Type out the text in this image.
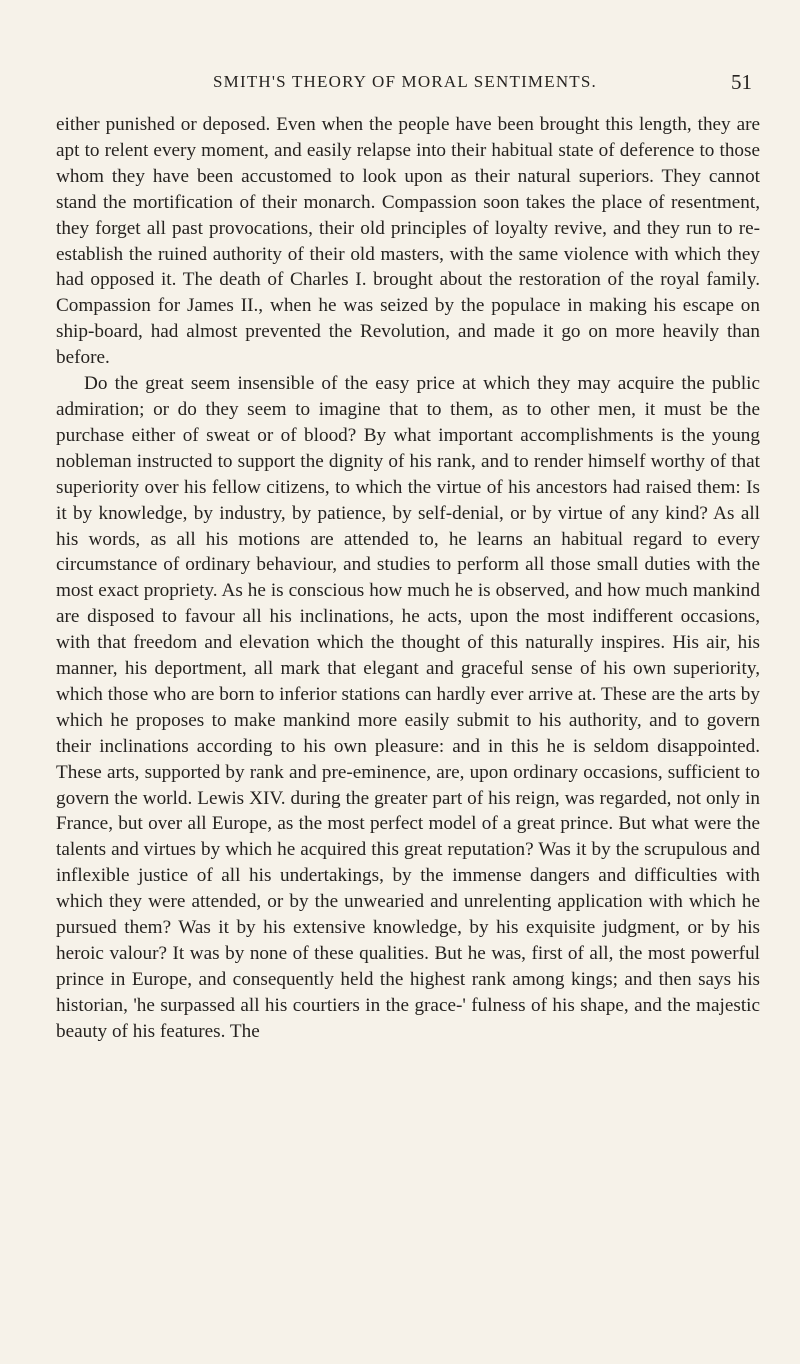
SMITH'S THEORY OF MORAL SENTIMENTS.	51

either punished or deposed. Even when the people have been brought this length, they are apt to relent every moment, and easily relapse into their habitual state of deference to those whom they have been accustomed to look upon as their natural superiors. They cannot stand the mortification of their monarch. Compassion soon takes the place of resentment, they forget all past provocations, their old principles of loyalty revive, and they run to re-establish the ruined authority of their old masters, with the same violence with which they had opposed it. The death of Charles I. brought about the restoration of the royal family. Compassion for James II., when he was seized by the populace in making his escape on ship-board, had almost prevented the Revolution, and made it go on more heavily than before.

Do the great seem insensible of the easy price at which they may acquire the public admiration; or do they seem to imagine that to them, as to other men, it must be the purchase either of sweat or of blood? By what important accomplishments is the young nobleman instructed to support the dignity of his rank, and to render himself worthy of that superiority over his fellow citizens, to which the virtue of his ancestors had raised them: Is it by knowledge, by industry, by patience, by self-denial, or by virtue of any kind? As all his words, as all his motions are attended to, he learns an habitual regard to every circumstance of ordinary behaviour, and studies to perform all those small duties with the most exact propriety. As he is conscious how much he is observed, and how much mankind are disposed to favour all his inclinations, he acts, upon the most indifferent occasions, with that freedom and elevation which the thought of this naturally inspires. His air, his manner, his deportment, all mark that elegant and graceful sense of his own superiority, which those who are born to inferior stations can hardly ever arrive at. These are the arts by which he proposes to make mankind more easily submit to his authority, and to govern their inclinations according to his own pleasure: and in this he is seldom disappointed. These arts, supported by rank and pre-eminence, are, upon ordinary occasions, sufficient to govern the world. Lewis XIV. during the greater part of his reign, was regarded, not only in France, but over all Europe, as the most perfect model of a great prince. But what were the talents and virtues by which he acquired this great reputation? Was it by the scrupulous and inflexible justice of all his undertakings, by the immense dangers and difficulties with which they were attended, or by the unwearied and unrelenting application with which he pursued them? Was it by his extensive knowledge, by his exquisite judgment, or by his heroic valour? It was by none of these qualities. But he was, first of all, the most powerful prince in Europe, and consequently held the highest rank among kings; and then says his historian, 'he surpassed all his courtiers in the grace-' fulness of his shape, and the majestic beauty of his features. The
